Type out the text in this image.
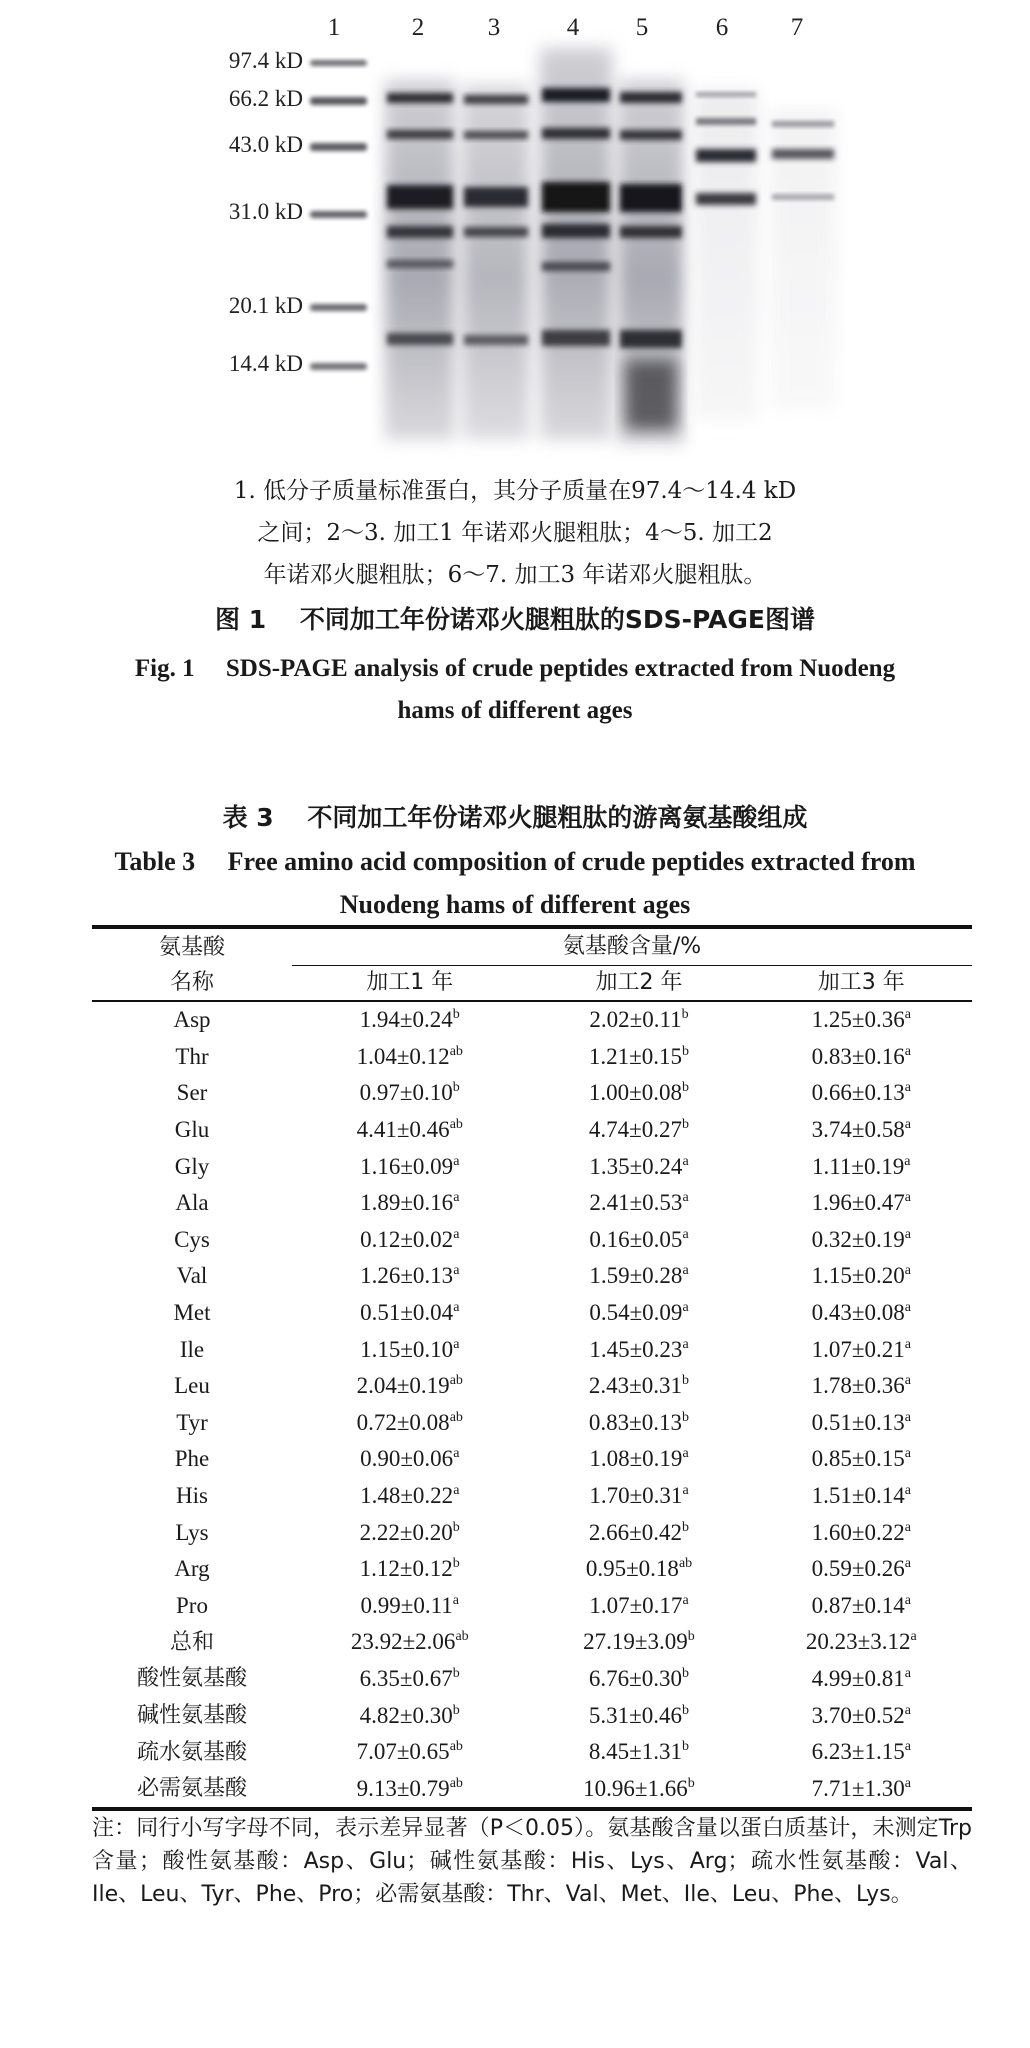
1	2	3	4 5	6	7
97.4 kD
66.2 kD
43.0 kD
31.0 kD
20.1 kD
14.4 kD
1. 低分子质量标准蛋白，其分子质量在97.4～14.4 kD
之间；2～3. 加工1 年诺邓火腿粗肽；4～5. 加工2
年诺邓火腿粗肽；6～7. 加工3 年诺邓火腿粗肽。
图 1　 不同加工年份诺邓火腿粗肽的SDS-PAGE图谱
Fig. 1　 SDS-PAGE analysis of crude peptides extracted from Nuodeng
hams of different ages
表 3　 不同加工年份诺邓火腿粗肽的游离氨基酸组成
Table 3　 Free amino acid composition of crude peptides extracted from
Nuodeng hams of different ages
氨基酸	氨基酸含量/%		
名称	加工1 年	加工2 年	加工3 年
Asp	1.94±0.24$^b$	2.02±0.11$^b$	1.25±0.36$^a$
Thr	1.04±0.12$^{ab}$	1.21±0.15$^b$	0.83±0.16$^a$
Ser	0.97±0.10$^b$	1.00±0.08$^b$	0.66±0.13$^a$
Glu	4.41±0.46$^{ab}$	4.74±0.27$^b$	3.74±0.58$^a$
Gly	1.16±0.09$^a$	1.35±0.24$^a$	1.11±0.19$^a$
Ala	1.89±0.16$^a$	2.41±0.53$^a$	1.96±0.47$^a$
Cys	0.12±0.02$^a$	0.16±0.05$^a$	0.32±0.19$^a$
Val	1.26±0.13$^a$	1.59±0.28$^a$	1.15±0.20$^a$
Met	0.51±0.04$^a$	0.54±0.09$^a$	0.43±0.08$^a$
Ile	1.15±0.10$^a$	1.45±0.23$^a$	1.07±0.21$^a$
Leu	2.04±0.19$^{ab}$	2.43±0.31$^b$	1.78±0.36$^a$
Tyr	0.72±0.08$^{ab}$	0.83±0.13$^b$	0.51±0.13$^a$
Phe	0.90±0.06$^a$	1.08±0.19$^a$	0.85±0.15$^a$
His	1.48±0.22$^a$	1.70±0.31$^a$	1.51±0.14$^a$
Lys	2.22±0.20$^b$	2.66±0.42$^b$	1.60±0.22$^a$
Arg	1.12±0.12$^b$	0.95±0.18$^{ab}$	0.59±0.26$^a$
Pro	0.99±0.11$^a$	1.07±0.17$^a$	0.87±0.14$^a$
总和	23.92±2.06$^{ab}$	27.19±3.09$^b$	20.23±3.12$^a$
酸性氨基酸	6.35±0.67$^b$	6.76±0.30$^b$	4.99±0.81$^a$
碱性氨基酸	4.82±0.30$^b$	5.31±0.46$^b$	3.70±0.52$^a$
疏水氨基酸	7.07±0.65$^{ab}$	8.45±1.31$^b$	6.23±1.15$^a$
必需氨基酸	9.13±0.79$^{ab}$	10.96±1.66$^b$	7.71±1.30$^a$
注：同行小写字母不同，表示差异显著（P＜0.05）。氨基酸含量以蛋白质基计，未测定Trp含量；酸性氨基酸：Asp、Glu；碱性氨基酸：His、Lys、Arg；疏水性氨基酸：Val、Ile、Leu、Tyr、Phe、Pro；必需氨基酸：Thr、Val、Met、Ile、Leu、Phe、Lys。
